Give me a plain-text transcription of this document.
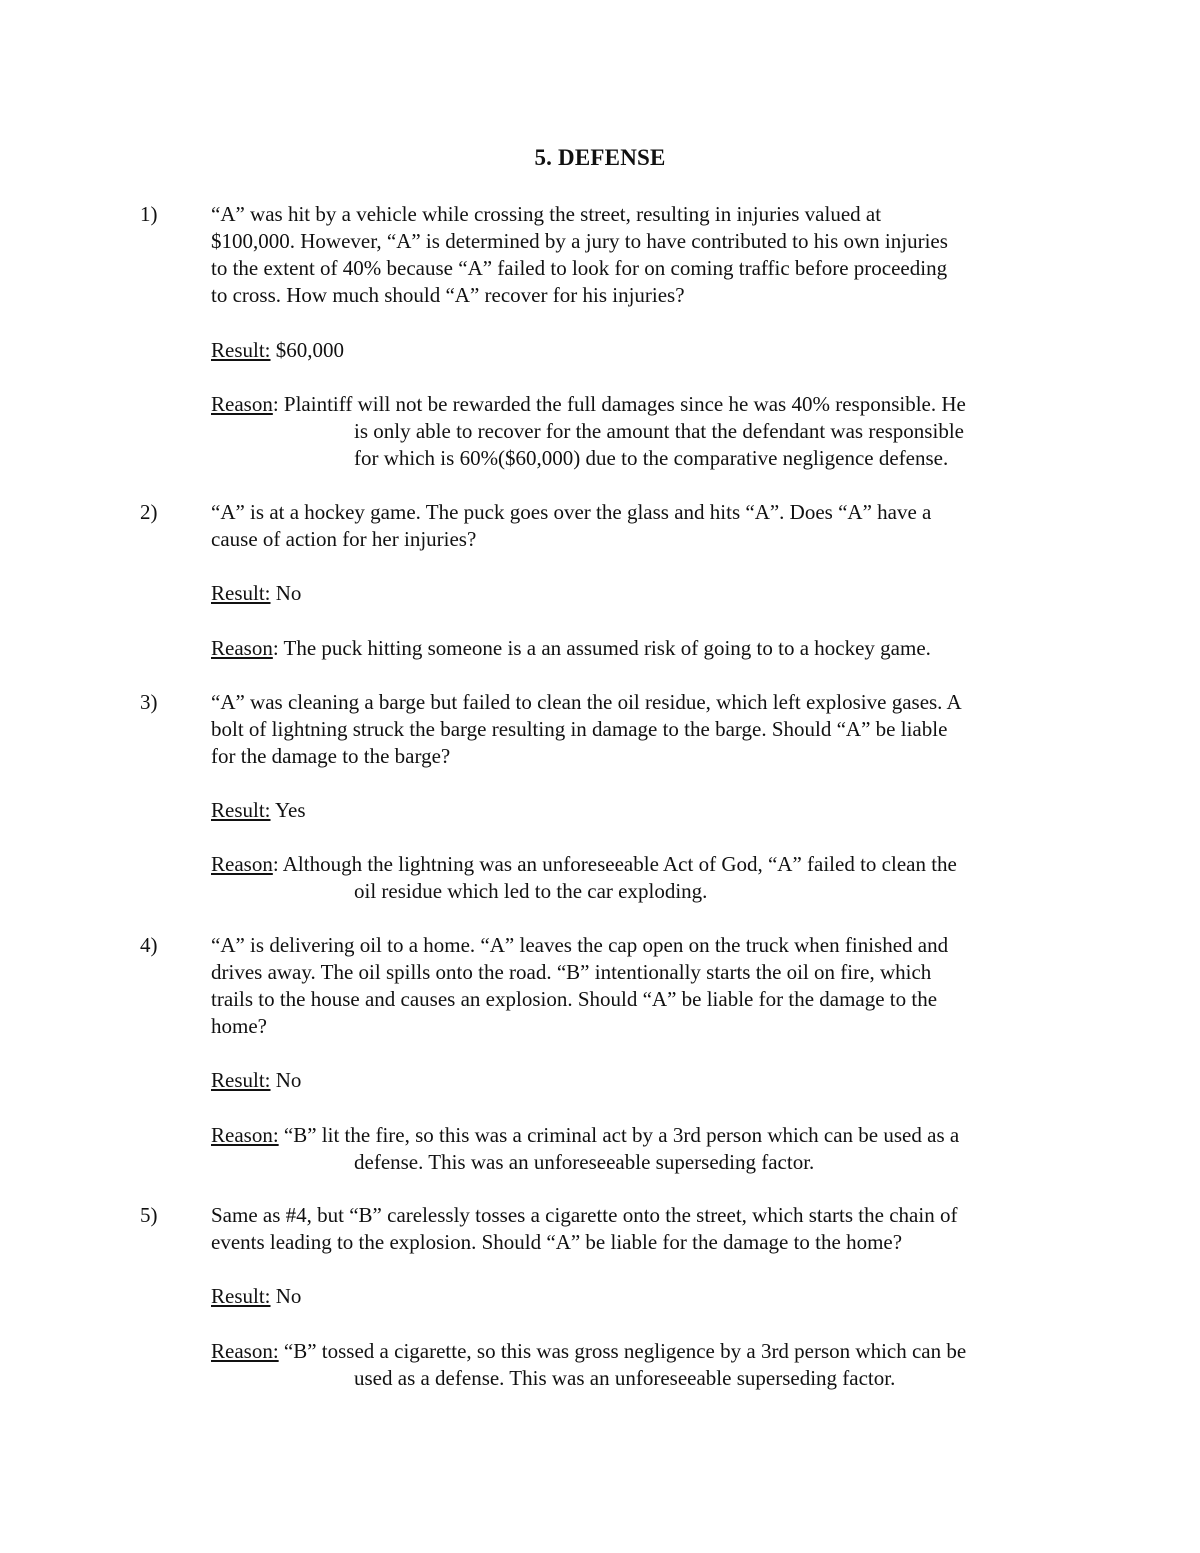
5. DEFENSE
1)	“A” was hit by a vehicle while crossing the street, resulting in injuries valued at
$100,000. However, “A” is determined by a jury to have contributed to his own injuries
to the extent of 40% because “A” failed to look for on coming traffic before proceeding
to cross. How much should “A” recover for his injuries?
Result: $60,000
Reason: Plaintiff will not be rewarded the full damages since he was 40% responsible. He
is only able to recover for the amount that the defendant was responsible
for which is 60%($60,000) due to the comparative negligence defense.
2)	“A” is at a hockey game. The puck goes over the glass and hits “A”. Does “A” have a
cause of action for her injuries?
Result: No
Reason: The puck hitting someone is a an assumed risk of going to to a hockey game.
3)	“A” was cleaning a barge but failed to clean the oil residue, which left explosive gases. A
bolt of lightning struck the barge resulting in damage to the barge. Should “A” be liable
for the damage to the barge?
Result: Yes
Reason: Although the lightning was an unforeseeable Act of God, “A” failed to clean the
oil residue which led to the car exploding.
4)	“A” is delivering oil to a home. “A” leaves the cap open on the truck when finished and
drives away. The oil spills onto the road. “B” intentionally starts the oil on fire, which
trails to the house and causes an explosion. Should “A” be liable for the damage to the
home?
Result: No
Reason: “B” lit the fire, so this was a criminal act by a 3rd person which can be used as a
defense. This was an unforeseeable superseding factor.
5)	Same as #4, but “B” carelessly tosses a cigarette onto the street, which starts the chain of
events leading to the explosion. Should “A” be liable for the damage to the home?
Result: No
Reason: “B” tossed a cigarette, so this was gross negligence by a 3rd person which can be
used as a defense. This was an unforeseeable superseding factor.
